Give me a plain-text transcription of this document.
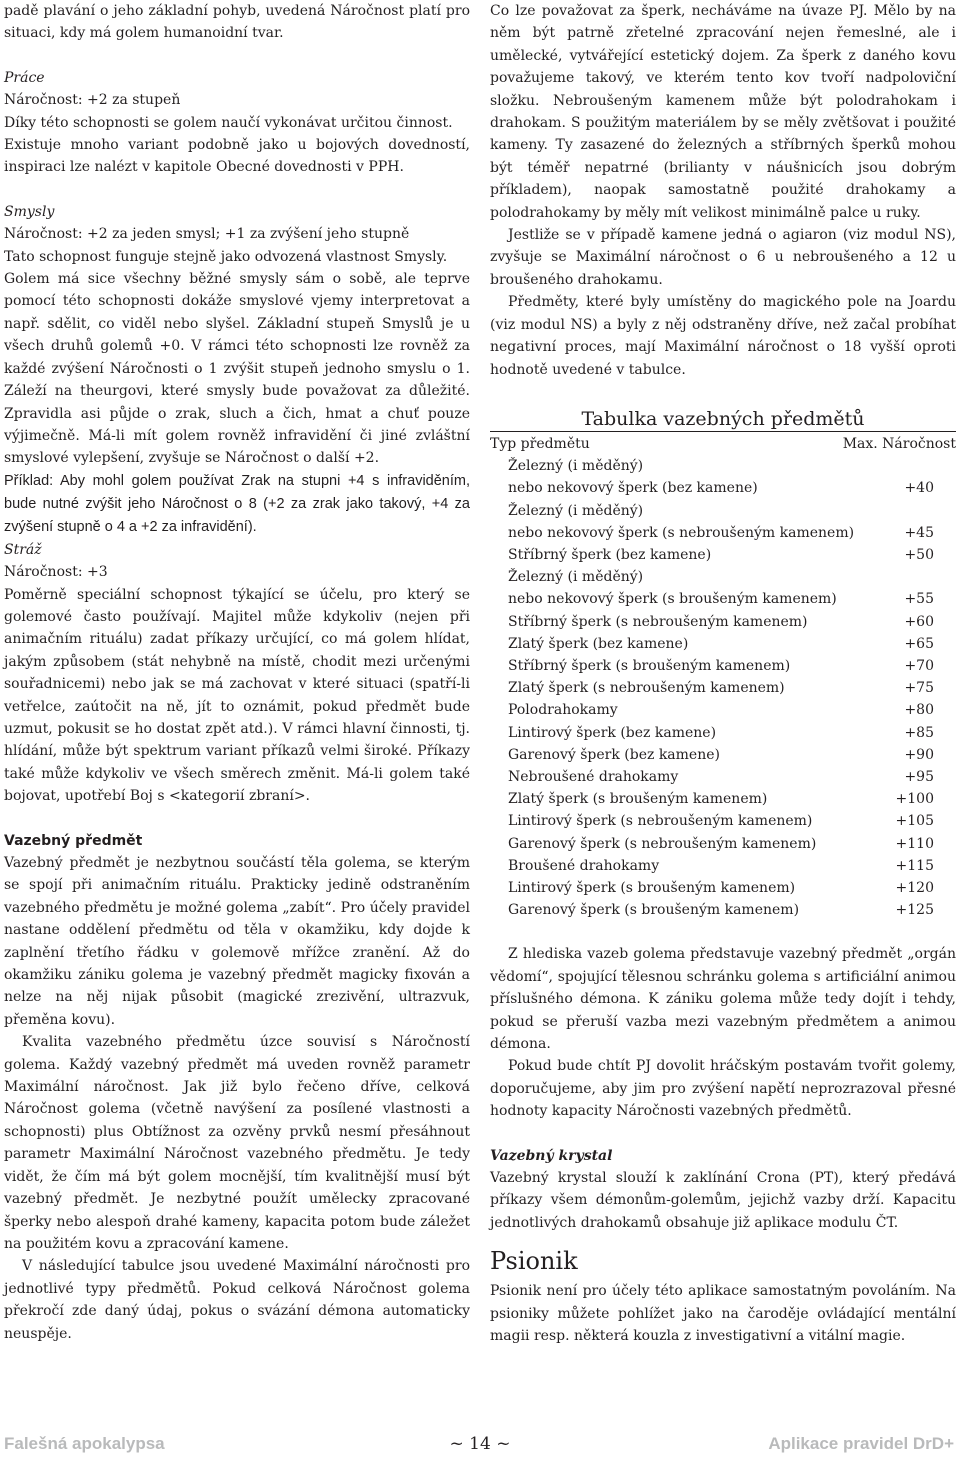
padě plavání o jeho základní pohyb, uvedená Náročnost platí pro situaci, kdy má golem humanoidní tvar.

Práce

Náročnost: +2 za stupeň

Díky této schopnosti se golem naučí vykonávat určitou činnost.

Existuje mnoho variant podobně jako u bojových dovedností, inspiraci lze nalézt v kapitole Obecné dovednosti v PPH.

Smysly

Náročnost: +2 za jeden smysl; +1 za zvýšení jeho stupně

Tato schopnost funguje stejně jako odvozená vlastnost Smysly.

Golem má sice všechny běžné smysly sám o sobě, ale teprve pomocí této schopnosti dokáže smyslové vjemy interpretovat a např. sdělit, co viděl nebo slyšel. Základní stupeň Smyslů je u všech druhů golemů +0. V rámci této schopnosti lze rovněž za každé zvýšení Náročnosti o 1 zvýšit stupeň jednoho smyslu o 1. Záleží na theurgovi, které smysly bude považovat za důležité. Zpravidla asi půjde o zrak, sluch a čich, hmat a chuť pouze výjimečně. Má-li mít golem rovněž infravidění či jiné zvláštní smyslové vylepšení, zvyšuje se Náročnost o další +2.

Příklad: Aby mohl golem používat Zrak na stupni +4 s infraviděním, bude nutné zvýšit jeho Náročnost o 8 (+2 za zrak jako takový, +4 za zvýšení stupně o 4 a +2 za infravidění).

Stráž

Náročnost: +3

Poměrně speciální schopnost týkající se účelu, pro který se golemové často používají. Majitel může kdykoliv (nejen při animačním rituálu) zadat příkazy určující, co má golem hlídat, jakým způsobem (stát nehybně na místě, chodit mezi určenými souřadnicemi) nebo jak se má zachovat v které situaci (spatří-li vetřelce, zaútočit na ně, jít to oznámit, pokud předmět bude uzmut, pokusit se ho dostat zpět atd.). V rámci hlavní činnosti, tj. hlídání, může být spektrum variant příkazů velmi široké. Příkazy také může kdykoliv ve všech směrech změnit. Má-li golem také bojovat, upotřebí Boj s <kategorií zbraní>.

Vazebný předmět

Vazebný předmět je nezbytnou součástí těla golema, se kterým se spojí při animačním rituálu. Prakticky jedině odstraněním vazebného předmětu je možné golema „zabít“. Pro účely pravidel nastane oddělení předmětu od těla v okamžiku, kdy dojde k zaplnění třetího řádku v golemově mřížce zranění. Až do okamžiku zániku golema je vazebný předmět magicky fixován a nelze na něj nijak působit (magické zrezivění, ultrazvuk, přeměna kovu).

Kvalita vazebného předmětu úzce souvisí s Náročností golema. Každý vazebný předmět má uveden rovněž parametr Maximální náročnost. Jak již bylo řečeno dříve, celková Náročnost golema (včetně navýšení za posílené vlastnosti a schopnosti) plus Obtížnost za ozvěny prvků nesmí přesáhnout parametr Maximální Náročnost vazebného předmětu. Je tedy vidět, že čím má být golem mocnější, tím kvalitnější musí být vazebný předmět. Je nezbytné použít umělecky zpracované šperky nebo alespoň drahé kameny, kapacita potom bude záležet na použitém kovu a zpracování kamene.

V následující tabulce jsou uvedené Maximální náročnosti pro jednotlivé typy předmětů. Pokud celková Náročnost golema překročí zde daný údaj, pokus o svázání démona automaticky neuspěje.

Co lze považovat za šperk, necháváme na úvaze PJ. Mělo by na něm být patrně zřetelné zpracování nejen řemeslné, ale i umělecké, vytvářející estetický dojem. Za šperk z daného kovu považujeme takový, ve kterém tento kov tvoří nadpoloviční složku. Nebroušeným kamenem může být polodrahokam i drahokam. S použitým materiálem by se měly zvětšovat i použité kameny. Ty zasazené do železných a stříbrných šperků mohou být téměř nepatrné (brilianty v náušnicích jsou dobrým příkladem), naopak samostatně použité drahokamy a polodrahokamy by měly mít velikost minimálně palce u ruky.

Jestliže se v případě kamene jedná o agiaron (viz modul NS), zvyšuje se Maximální náročnost o 6 u nebroušeného a 12 u broušeného drahokamu.

Předměty, které byly umístěny do magického pole na Joardu (viz modul NS) a byly z něj odstraněny dříve, než začal probíhat negativní proces, mají Maximální náročnost o 18 vyšší oproti hodnotě uvedené v tabulce.

Tabulka vazebných předmětů
Typ předmětu	Max. Náročnost
Železný (i měděný)
nebo nekovový šperk (bez kamene)	+40
Železný (i měděný)
nebo nekovový šperk (s nebroušeným kamenem)	+45
Stříbrný šperk (bez kamene)	+50
Železný (i měděný)
nebo nekovový šperk (s broušeným kamenem)	+55
Stříbrný šperk (s nebroušeným kamenem)	+60
Zlatý šperk (bez kamene)	+65
Stříbrný šperk (s broušeným kamenem)	+70
Zlatý šperk (s nebroušeným kamenem)	+75
Polodrahokamy	+80
Lintirový šperk (bez kamene)	+85
Garenový šperk (bez kamene)	+90
Nebroušené drahokamy	+95
Zlatý šperk (s broušeným kamenem)	+100
Lintirový šperk (s nebroušeným kamenem)	+105
Garenový šperk (s nebroušeným kamenem)	+110
Broušené drahokamy	+115
Lintirový šperk (s broušeným kamenem)	+120
Garenový šperk (s broušeným kamenem)	+125

Z hlediska vazeb golema představuje vazebný předmět „orgán vědomí“, spojující tělesnou schránku golema s artificiální animou příslušného démona. K zániku golema může tedy dojít i tehdy, pokud se přeruší vazba mezi vazebným předmětem a animou démona.

Pokud bude chtít PJ dovolit hráčským postavám tvořit golemy, doporučujeme, aby jim pro zvýšení napětí neprozrazoval přesné hodnoty kapacity Náročnosti vazebných předmětů.

Vazebný krystal

Vazebný krystal slouží k zaklínání Crona (PT), který předává příkazy všem démonům-golemům, jejichž vazby drží. Kapacitu jednotlivých drahokamů obsahuje již aplikace modulu ČT.

Psionik

Psionik není pro účely této aplikace samostatným povoláním. Na psioniky můžete pohlížet jako na čaroděje ovládající mentální magii resp. některá kouzla z investigativní a vitální magie.

Falešná apokalypsa	~ 14 ~	Aplikace pravidel DrD+
